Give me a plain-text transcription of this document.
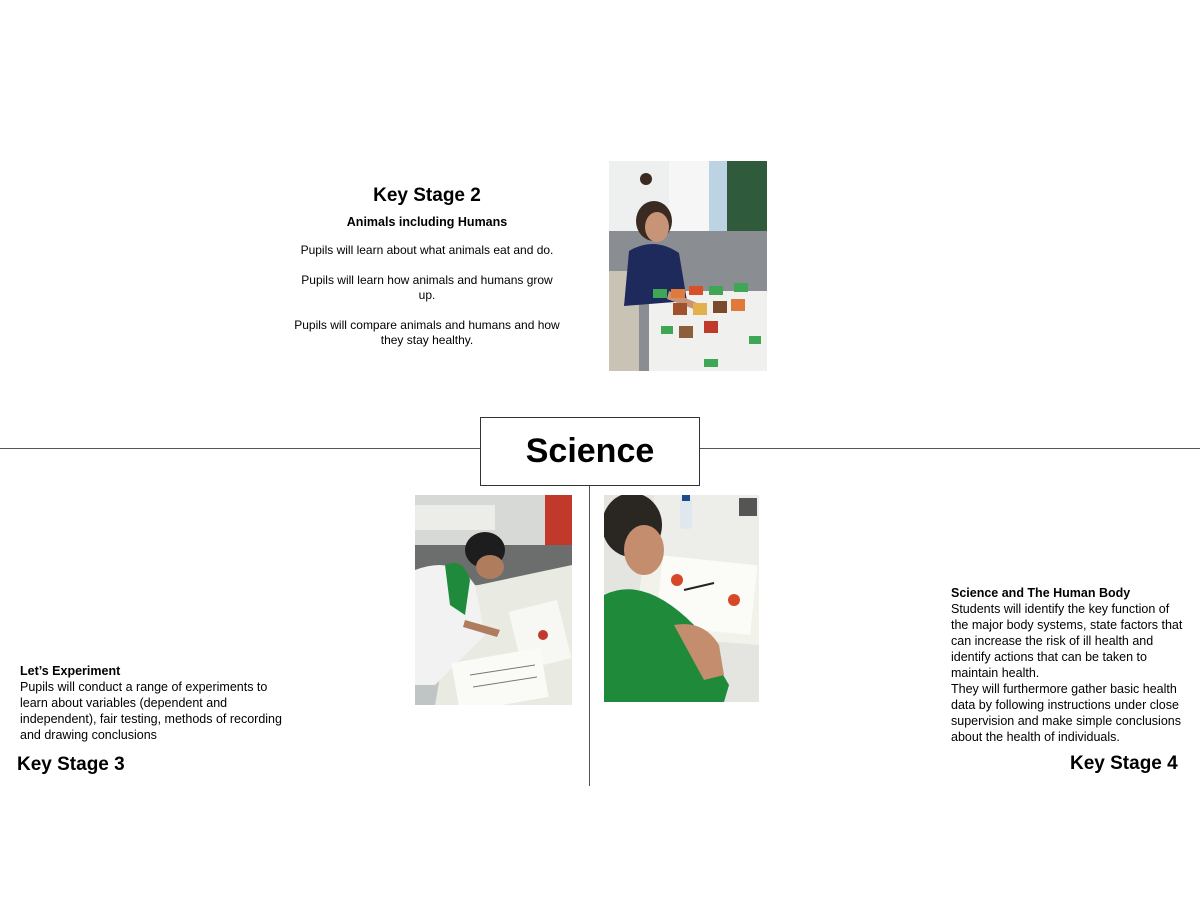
Science
Key Stage 2
Animals including Humans

Pupils will learn about what animals eat and do.

Pupils will learn how animals and humans grow up.

Pupils will compare animals and humans and how they stay healthy.

Let’s Experiment
Pupils will conduct a range of experiments to learn about variables (dependent and independent), fair testing, methods of recording and drawing conclusions
Key Stage 3
Science and The Human Body
Students will identify the key function of the major body systems, state factors that can increase the risk of ill health and identify actions that can be taken to maintain health.
They will furthermore gather basic health data by following instructions under close supervision and make simple conclusions about the health of individuals.
Key Stage 4
